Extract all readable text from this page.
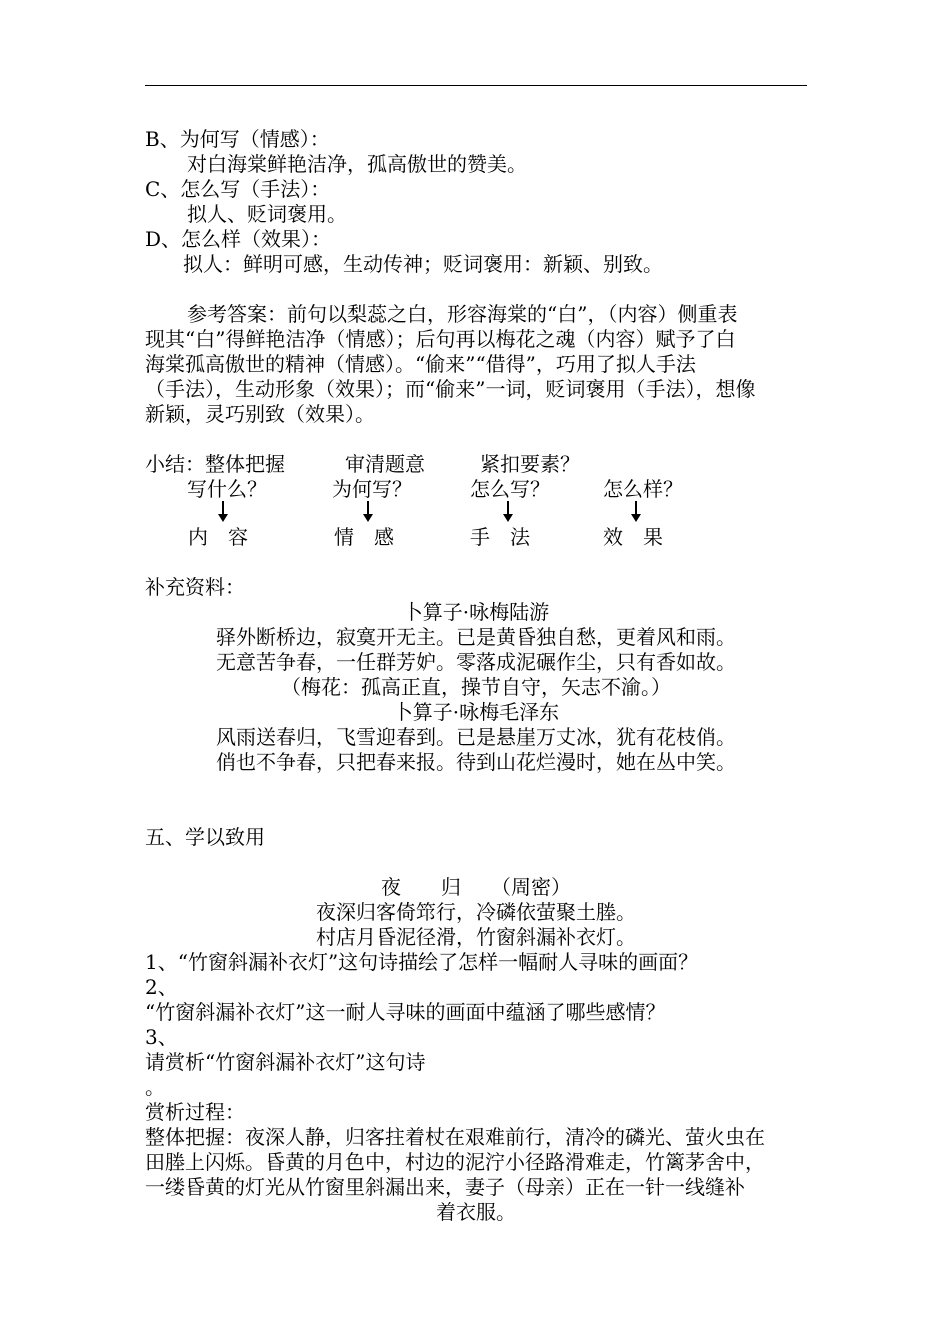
B、为何写（情感）：
对白海棠鲜艳洁净，孤高傲世的赞美。
C、怎么写（手法）：
拟人、贬词褒用。
D、怎么样（效果）：
拟人：鲜明可感，生动传神；贬词褒用：新颖、别致。
参考答案：前句以梨蕊之白，形容海棠的“白”，（内容）侧重表
现其“白”得鲜艳洁净（情感）；后句再以梅花之魂（内容）赋予了白
海棠孤高傲世的精神（情感）。“偷来”“借得”，巧用了拟人手法
（手法），生动形象（效果）；而“偷来”一词，贬词褒用（手法），想像
新颖，灵巧别致（效果）。
小结：整体把握	审清题意	紧扣要素？
写什么？	为何写？	怎么写？	怎么样？
内　容	情　感	手　法	效　果
补充资料：
卜算子·咏梅陆游
驿外断桥边，寂寞开无主。已是黄昏独自愁，更着风和雨。
无意苦争春，一任群芳妒。零落成泥碾作尘，只有香如故。
（梅花：孤高正直，操节自守，矢志不渝。）
卜算子·咏梅毛泽东
风雨送春归，飞雪迎春到。已是悬崖万丈冰，犹有花枝俏。
俏也不争春，只把春来报。待到山花烂漫时，她在丛中笑。
五、学以致用
夜　　归　　（周密）
夜深归客倚筇行，冷磷依萤聚土塍。
村店月昏泥径滑，竹窗斜漏补衣灯。
1、“竹窗斜漏补衣灯”这句诗描绘了怎样一幅耐人寻味的画面？
2、
“竹窗斜漏补衣灯”这一耐人寻味的画面中蕴涵了哪些感情？
3、
请赏析“竹窗斜漏补衣灯”这句诗
。
赏析过程：
整体把握：夜深人静，归客拄着杖在艰难前行，清冷的磷光、萤火虫在
田塍上闪烁。昏黄的月色中，村边的泥泞小径路滑难走，竹篱茅舍中，
一缕昏黄的灯光从竹窗里斜漏出来，妻子（母亲）正在一针一线缝补
着衣服。
